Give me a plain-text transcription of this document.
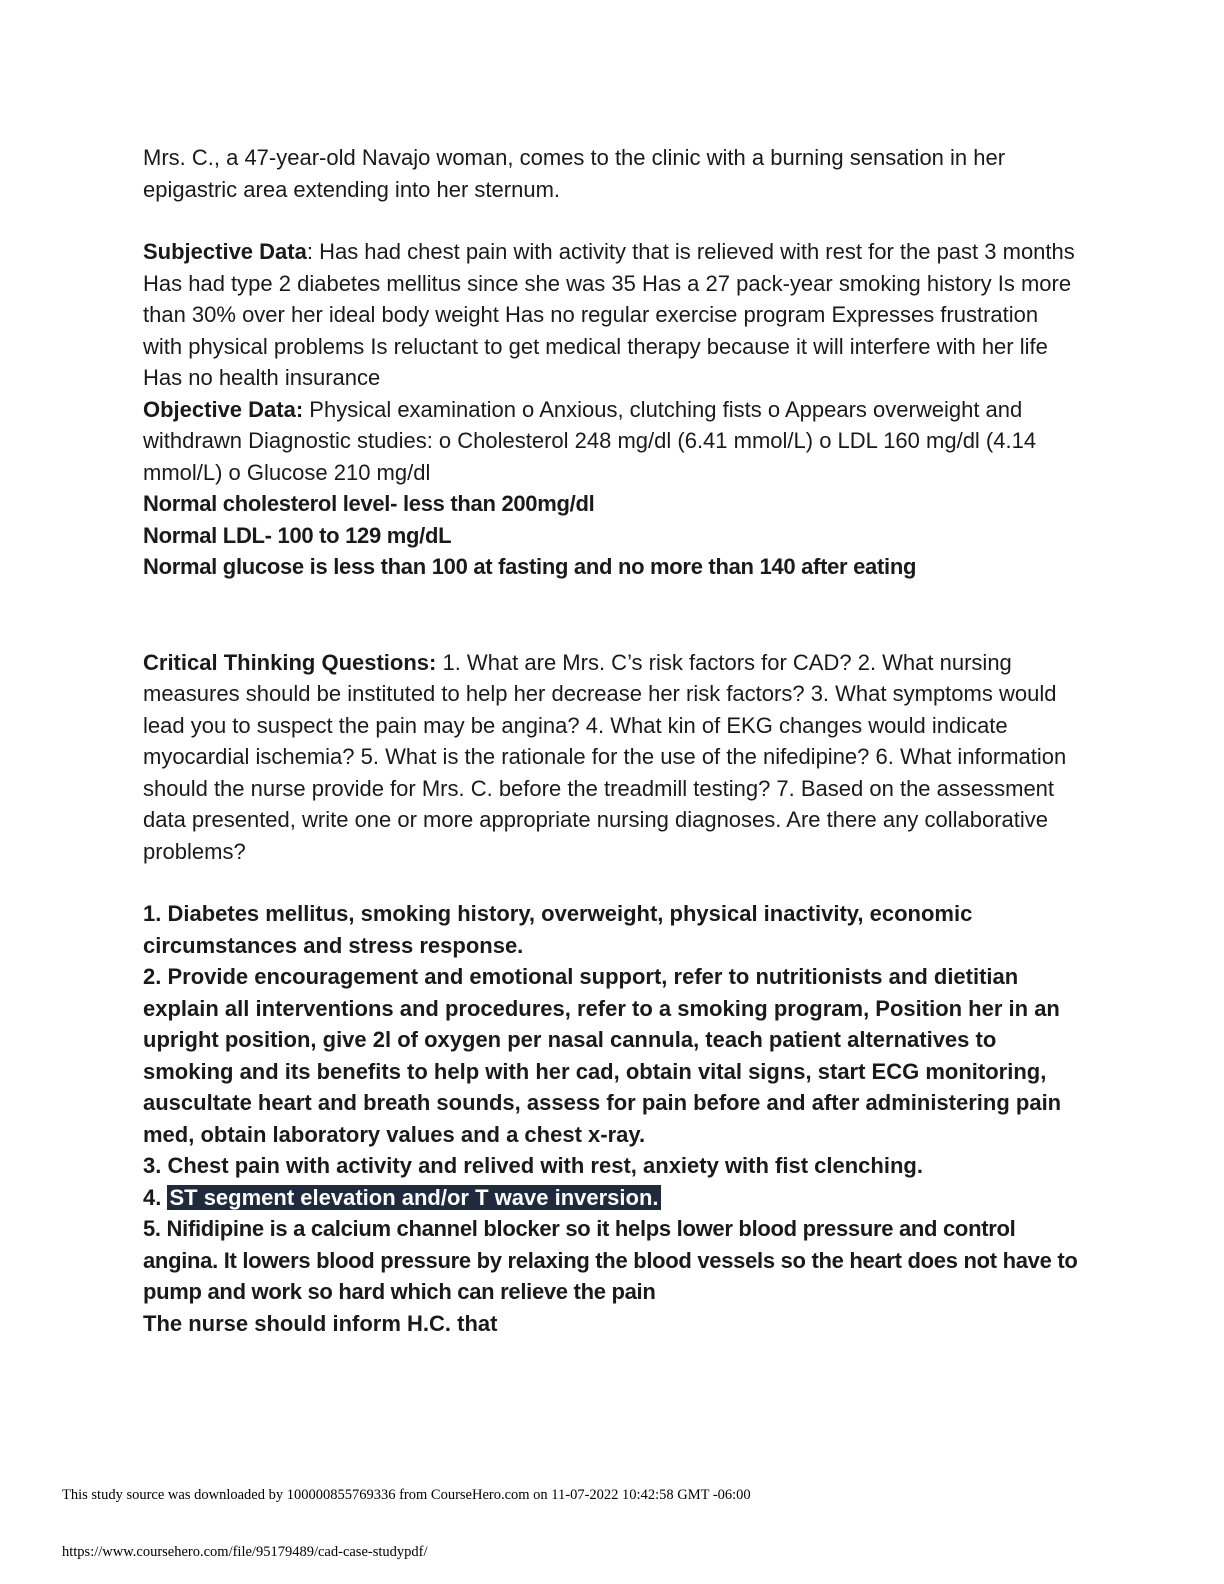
Mrs. C., a 47-year-old Navajo woman, comes to the clinic with a burning sensation in her epigastric area extending into her sternum.

Subjective Data: Has had chest pain with activity that is relieved with rest for the past 3 months Has had type 2 diabetes mellitus since she was 35 Has a 27 pack-year smoking history Is more than 30% over her ideal body weight Has no regular exercise program Expresses frustration with physical problems Is reluctant to get medical therapy because it will interfere with her life Has no health insurance

Objective Data: Physical examination o Anxious, clutching fists o Appears overweight and withdrawn Diagnostic studies: o Cholesterol 248 mg/dl (6.41 mmol/L) o LDL 160 mg/dl (4.14 mmol/L) o Glucose 210 mg/dl

Normal cholesterol level- less than 200mg/dl

Normal LDL- 100 to 129 mg/dL

Normal glucose is less than 100 at fasting and no more than 140 after eating

Critical Thinking Questions: 1. What are Mrs. C’s risk factors for CAD? 2. What nursing measures should be instituted to help her decrease her risk factors? 3. What symptoms would lead you to suspect the pain may be angina? 4. What kin of EKG changes would indicate myocardial ischemia? 5. What is the rationale for the use of the nifedipine? 6. What information should the nurse provide for Mrs. C. before the treadmill testing? 7. Based on the assessment data presented, write one or more appropriate nursing diagnoses. Are there any collaborative problems?

1. Diabetes mellitus, smoking history, overweight, physical inactivity, economic circumstances and stress response.

2. Provide encouragement and emotional support, refer to nutritionists and dietitian explain all interventions and procedures, refer to a smoking program, Position her in an upright position, give 2l of oxygen per nasal cannula, teach patient alternatives to smoking and its benefits to help with her cad, obtain vital signs, start ECG monitoring, auscultate heart and breath sounds, assess for pain before and after administering pain med, obtain laboratory values and a chest x-ray.

3. Chest pain with activity and relived with rest, anxiety with fist clenching.

4. ST segment elevation and/or T wave inversion.

5. Nifidipine is a calcium channel blocker so it helps lower blood pressure and control angina. It lowers blood pressure by relaxing the blood vessels so the heart does not have to pump and work so hard which can relieve the pain

The nurse should inform H.C. that

This study source was downloaded by 100000855769336 from CourseHero.com on 11-07-2022 10:42:58 GMT -06:00
https://www.coursehero.com/file/95179489/cad-case-studypdf/
